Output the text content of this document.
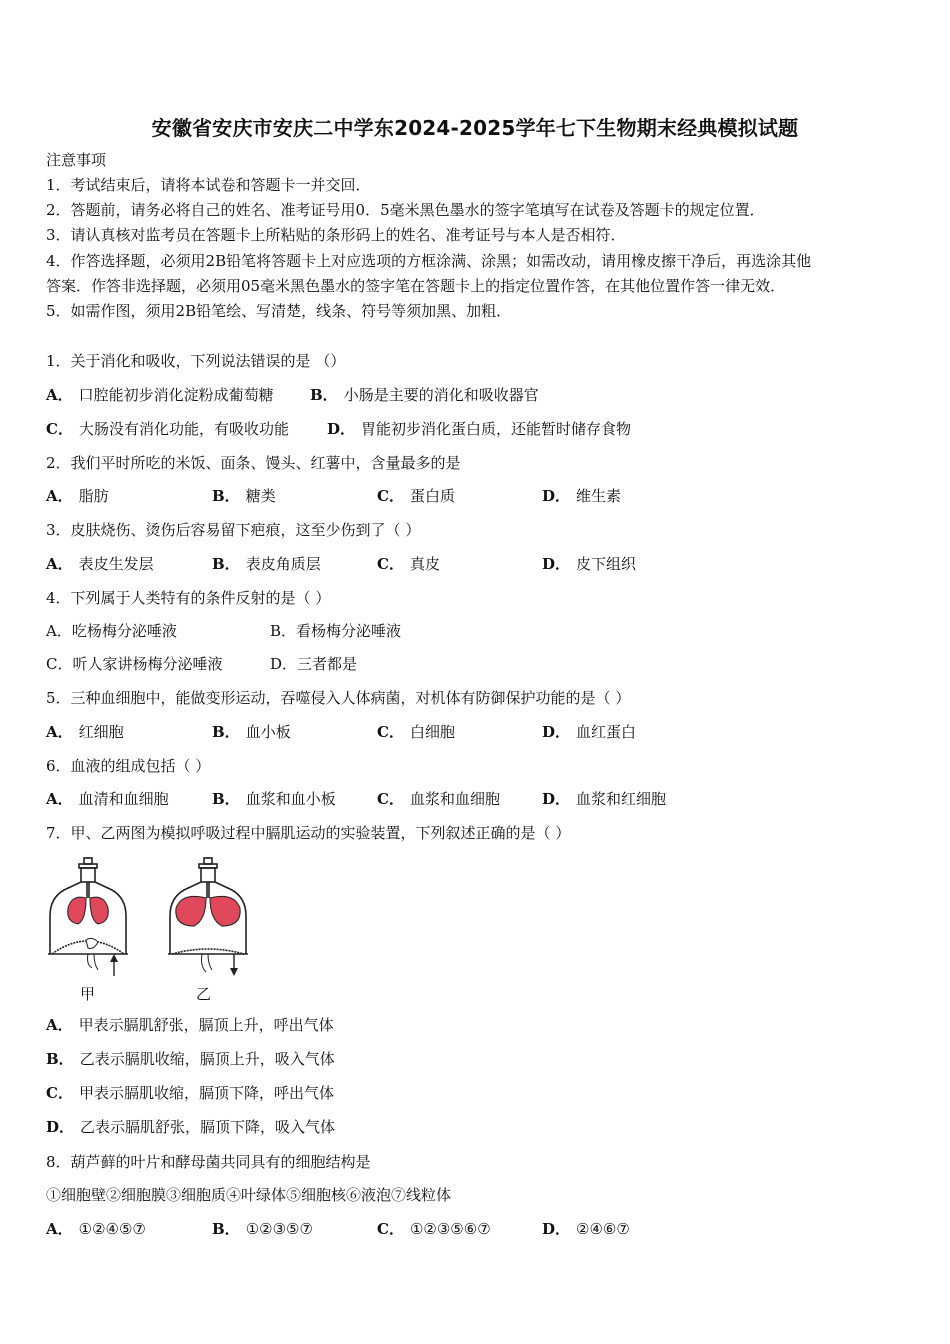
安徽省安庆市安庆二中学东2024-2025学年七下生物期末经典模拟试题
注意事项
1．考试结束后，请将本试卷和答题卡一并交回．
2．答题前，请务必将自己的姓名、准考证号用0．5毫米黑色墨水的签字笔填写在试卷及答题卡的规定位置．
3．请认真核对监考员在答题卡上所粘贴的条形码上的姓名、准考证号与本人是否相符．
4．作答选择题，必须用2B铅笔将答题卡上对应选项的方框涂满、涂黑；如需改动，请用橡皮擦干净后，再选涂其他
答案．作答非选择题，必须用05毫米黑色墨水的签字笔在答题卡上的指定位置作答，在其他位置作答一律无效．
5．如需作图，须用2B铅笔绘、写清楚，线条、符号等须加黑、加粗．
1．关于消化和吸收，下列说法错误的是 （）
A． 口腔能初步消化淀粉成葡萄糖 B． 小肠是主要的消化和吸收器官
C． 大肠没有消化功能，有吸收功能	D． 胃能初步消化蛋白质，还能暂时储存食物
2．我们平时所吃的米饭、面条、馒头、红薯中，含量最多的是
A． 脂肪	B． 糖类	C． 蛋白质	D． 维生素
3．皮肤烧伤、烫伤后容易留下疤痕，这至少伤到了（ ）
A． 表皮生发层	B． 表皮角质层	C． 真皮	D． 皮下组织
4．下列属于人类特有的条件反射的是（ ）
A．吃杨梅分泌唾液	B．看杨梅分泌唾液
C．听人家讲杨梅分泌唾液	D．三者都是
5．三种血细胞中，能做变形运动，吞噬侵入人体病菌，对机体有防御保护功能的是（ ）
A． 红细胞	B． 血小板	C． 白细胞	D． 血红蛋白
6．血液的组成包括（ ）
A． 血清和血细胞	B． 血浆和血小板	C． 血浆和血细胞	D． 血浆和红细胞
7．甲、乙两图为模拟呼吸过程中膈肌运动的实验装置，下列叙述正确的是（ ）
甲	乙
A． 甲表示膈肌舒张，膈顶上升，呼出气体
B． 乙表示膈肌收缩，膈顶上升，吸入气体
C． 甲表示膈肌收缩，膈顶下降，呼出气体
D． 乙表示膈肌舒张，膈顶下降，吸入气体
8．葫芦藓的叶片和酵母菌共同具有的细胞结构是
①细胞壁②细胞膜③细胞质④叶绿体⑤细胞核⑥液泡⑦线粒体
A． ①②④⑤⑦	B． ①②③⑤⑦	C． ①②③⑤⑥⑦	D． ②④⑥⑦
